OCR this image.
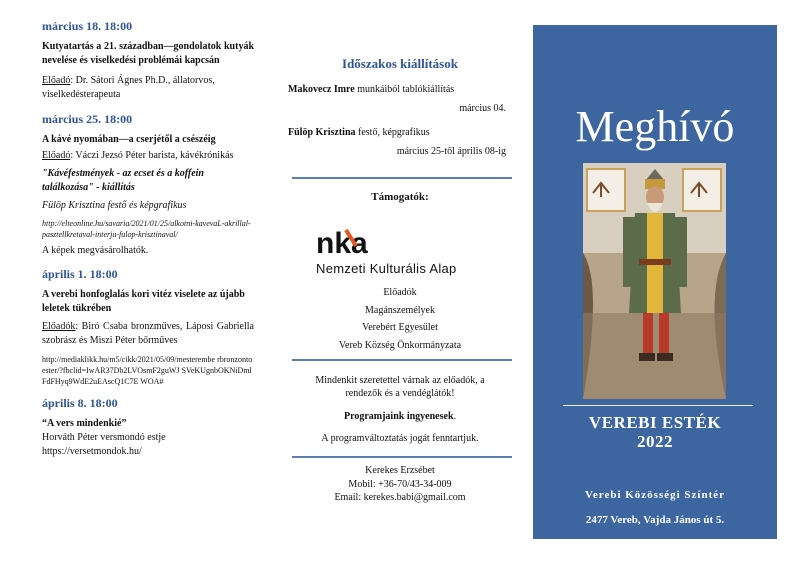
március 18. 18:00

Kutyatartás a 21. században—gondolatok kutyák nevelése és viselkedési problémái kapcsán

Előadó: Dr. Sátori Ágnes Ph.D., állatorvos, viselkedésterapeuta

március 25. 18:00

A kávé nyomában—a cserjétől a csészéig

Előadó: Váczi Jezsó Péter barista, kávékrónikás

"Kávéfestmények - az ecset és a koffein találkozása" - kiállítás

Fülöp Krisztina festő és képgrafikus

http://elteonline.hu/savaria/2021/01/25/alkotni-kavevaL-akrillal-pasztellkretaval-interju-fulop-krisztinaval/

A képek megvásárolhatók.

április 1. 18:00

A verebi honfoglalás kori vitéz viselete az újabb leletek tükrében

Előadók: Biró Csaba bronzműves, Láposi Gabriella szobrász és Miszi Péter bőrműves

http://mediaklikk.hu/m5/cikk/2021/05/09/mesterembe rbronzontoester/?fbclid=IwAR37Db2LVOsmF2guWJ SVeKUgnbOKNiDmlFdFHyq9WdE2uEAscQ1C7E WOA#

április 8. 18:00

“A vers mindenkié”

Horváth Péter versmondó estje

https://versetmondok.hu/

Időszakos kiállítások
Makovecz Imre munkáiból tablókiállítás
március 04.
Fülöp Krisztina festő, képgrafikus
március 25-től április 08-ig
Támogatók:
nka
Nemzeti Kulturális Alap
Előadók
Magánszemélyek
Verebért Egyesület
Vereb Község Önkormányzata
Mindenkit szeretettel várnak az előadók, a rendezők és a vendéglátók!
Programjaink ingyenesek.
A programváltoztatás jogát fenntartjuk.
Kerekes Erzsébet
Mobil: +36-70/43-34-009
Email: kerekes.babi@gmail.com
Meghívó
VEREBI ESTÉK
2022
Verebi Közösségi Színtér
2477 Vereb, Vajda János út 5.
